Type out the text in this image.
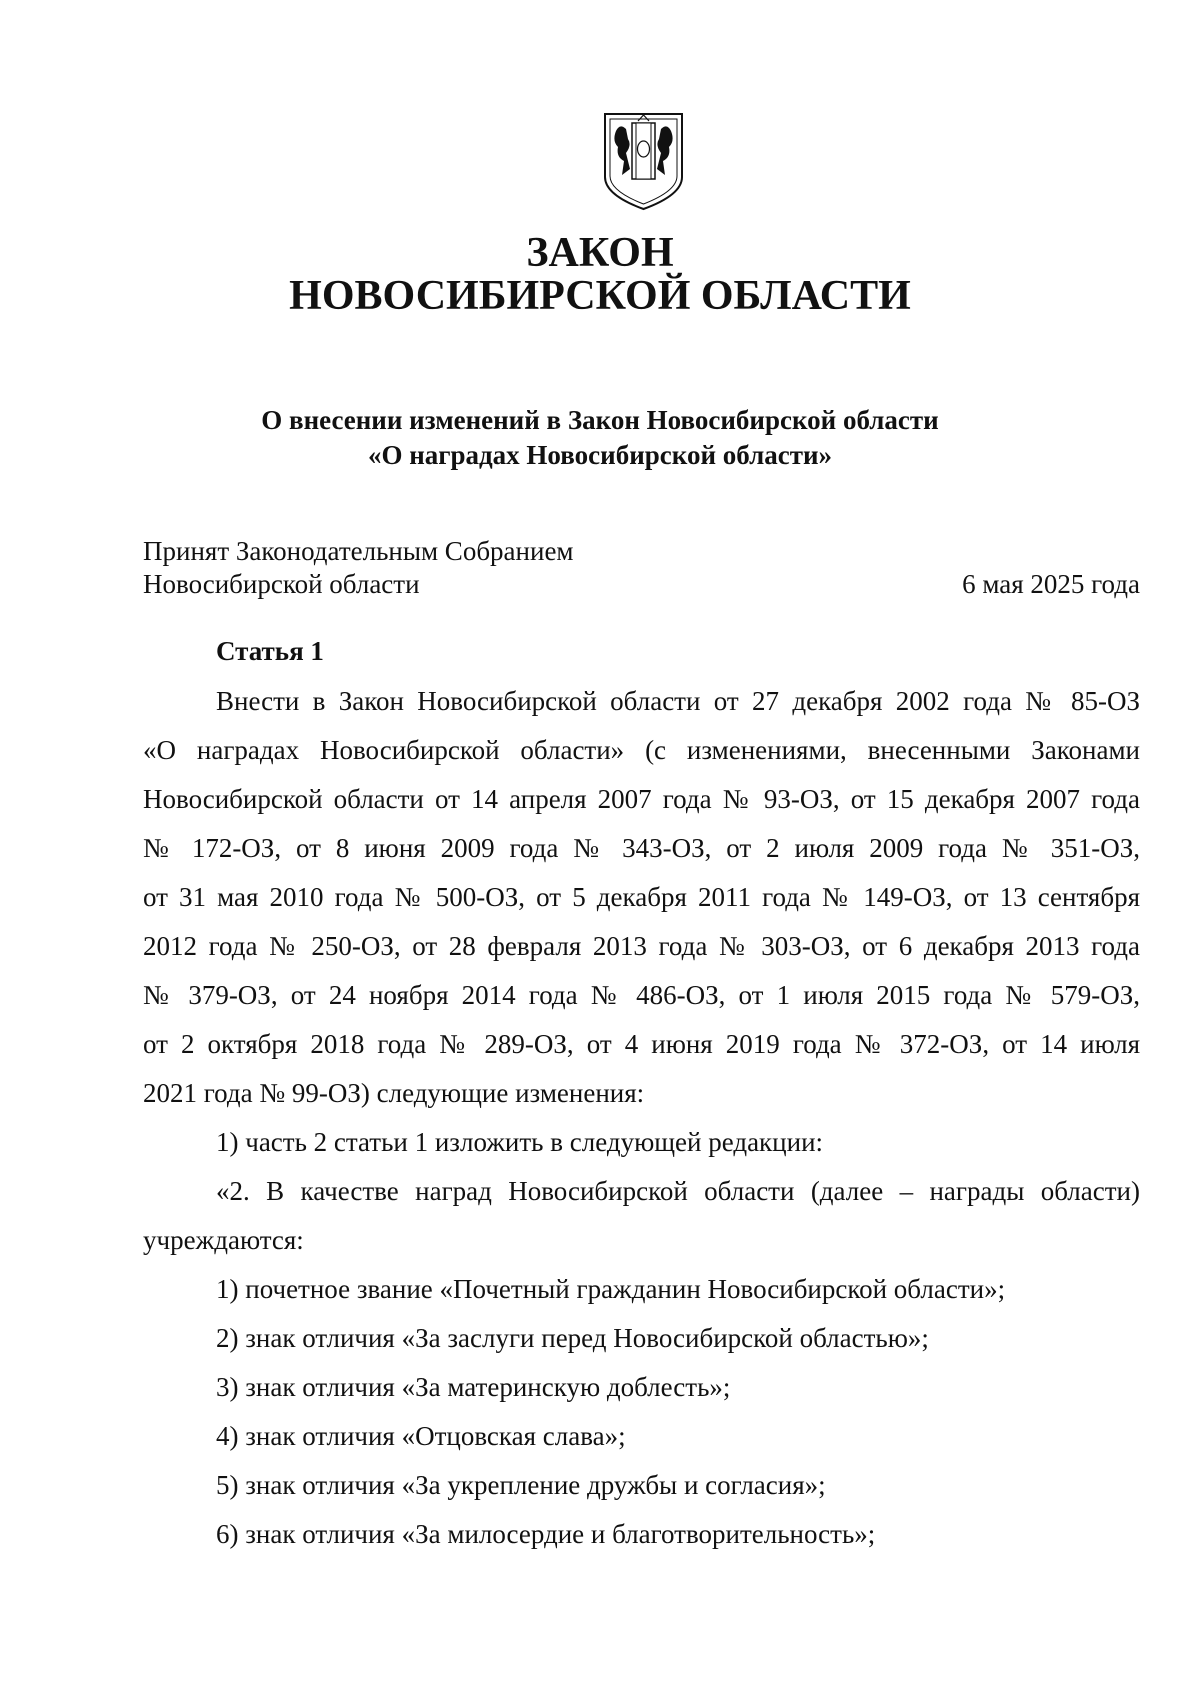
ЗАКОН
НОВОСИБИРСКОЙ ОБЛАСТИ

О внесении изменений в Закон Новосибирской области

«О наградах Новосибирской области»

Принят Законодательным Собранием
Новосибирской области	6 мая 2025 года
Статья 1
Внести в Закон Новосибирской области от 27 декабря 2002 года № 85-ОЗ
«О наградах Новосибирской области» (с изменениями, внесенными Законами
Новосибирской области от 14 апреля 2007 года № 93-ОЗ, от 15 декабря 2007 года
№ 172-ОЗ, от 8 июня 2009 года № 343-ОЗ, от 2 июля 2009 года № 351-ОЗ,
от 31 мая 2010 года № 500-ОЗ, от 5 декабря 2011 года № 149-ОЗ, от 13 сентября
2012 года № 250-ОЗ, от 28 февраля 2013 года № 303-ОЗ, от 6 декабря 2013 года
№ 379-ОЗ, от 24 ноября 2014 года № 486-ОЗ, от 1 июля 2015 года № 579-ОЗ,
от 2 октября 2018 года № 289-ОЗ, от 4 июня 2019 года № 372-ОЗ, от 14 июля
2021 года № 99-ОЗ) следующие изменения:
1) часть 2 статьи 1 изложить в следующей редакции:
«2. В качестве наград Новосибирской области (далее – награды области)
учреждаются:
1) почетное звание «Почетный гражданин Новосибирской области»;
2) знак отличия «За заслуги перед Новосибирской областью»;
3) знак отличия «За материнскую доблесть»;
4) знак отличия «Отцовская слава»;
5) знак отличия «За укрепление дружбы и согласия»;
6) знак отличия «За милосердие и благотворительность»;
